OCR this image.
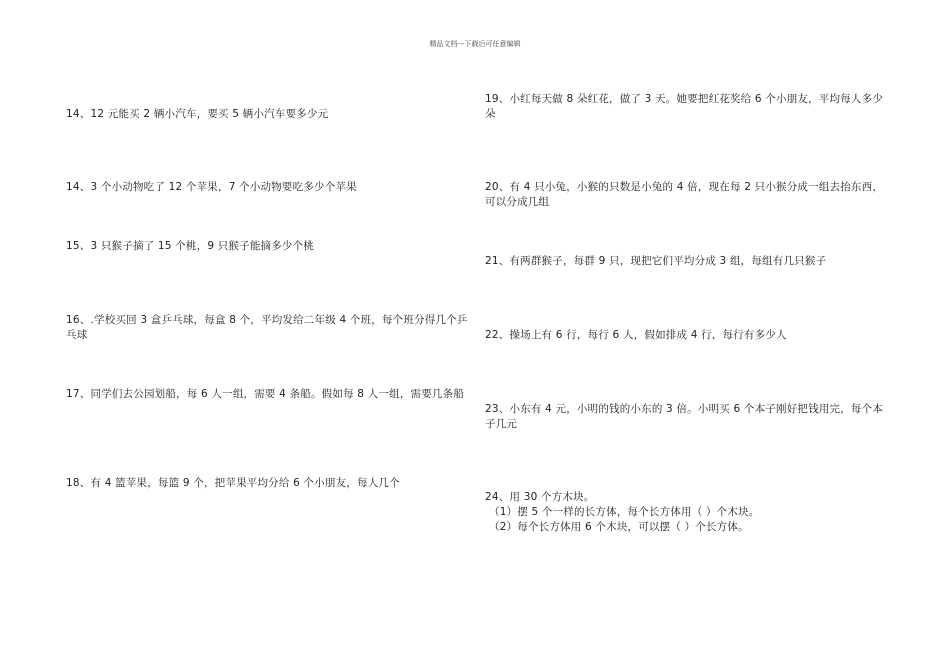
精品文档---下载后可任意编辑
14、12 元能买 2 辆小汽车，要买 5 辆小汽车要多少元
14、3 个小动物吃了 12 个苹果，7 个小动物要吃多少个苹果
15、3 只猴子摘了 15 个桃，9 只猴子能摘多少个桃
16、.学校买回 3 盒乒乓球，每盒 8 个，平均发给二年级 4 个班，每个班分得几个乒乓球
17、同学们去公园划船，每 6 人一组，需要 4 条船。假如每 8 人一组，需要几条船
18、有 4 篮苹果，每篮 9 个，把苹果平均分给 6 个小朋友，每人几个
19、小红每天做 8 朵红花，做了 3 天。她要把红花奖给 6 个小朋友，平均每人多少朵
20、有 4 只小兔，小猴的只数是小兔的 4 倍，现在每 2 只小猴分成一组去抬东西，可以分成几组
21、有两群猴子，每群 9 只，现把它们平均分成 3 组，每组有几只猴子
22、操场上有 6 行，每行 6 人，假如排成 4 行，每行有多少人
23、小东有 4 元，小明的钱的小东的 3 倍。小明买 6 个本子刚好把钱用完，每个本子几元
24、用 30 个方木块。
（1）摆 5 个一样的长方体，每个长方体用（ ）个木块。
（2）每个长方体用 6 个木块，可以摆（ ）个长方体。
